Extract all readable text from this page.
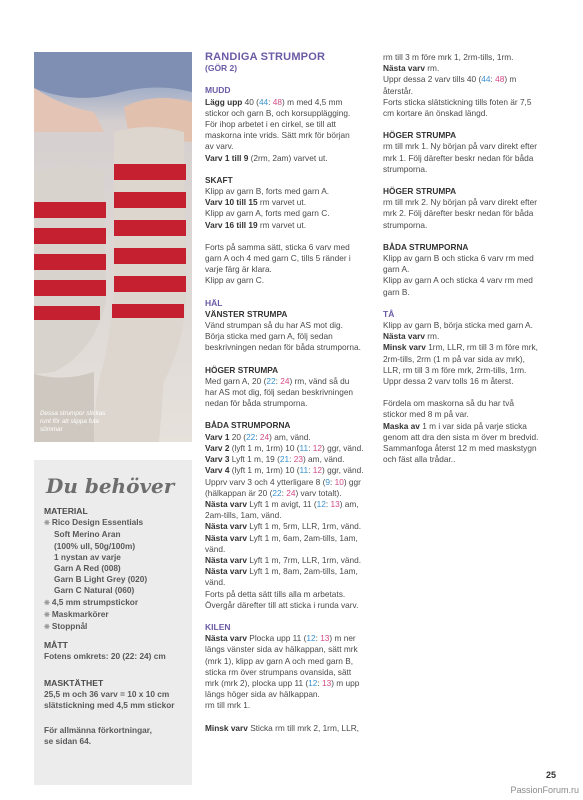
Dessa strumpor stickas runt för att slippa fula sömmar
Du behöver
MATERIAL

❋ Rico Design Essentials

Soft Merino Aran

(100% ull, 50g/100m)

1 nystan av varje

Garn A Red (008)

Garn B Light Grey (020)

Garn C Natural (060)

❋ 4,5 mm strumpstickor

❋ Maskmarkörer

❋ Stoppnål

MÅTT

Fotens omkrets: 20 (22: 24) cm

MASKTÄTHET

25,5 m och 36 varv = 10 x 10 cm

slätstickning med 4,5 mm stickor

För allmänna förkortningar,

se sidan 64.

RANDIGA STRUMPOR

(GÖR 2)

MUDD

Lägg upp 40 (44: 48) m med 4,5 mm

stickor och garn B, och korsupplägging.

För ihop arbetet i en cirkel, se till att

maskorna inte vrids. Sätt mrk för början

av varv.

Varv 1 till 9 (2rm, 2am) varvet ut.

SKAFT

Klipp av garn B, forts med garn A.

Varv 10 till 15 rm varvet ut.

Klipp av garn A, forts med garn C.

Varv 16 till 19 rm varvet ut.

Forts på samma sätt, sticka 6 varv med

garn A och 4 med garn C, tills 5 ränder i

varje färg är klara.

Klipp av garn C.

HÄL

VÄNSTER STRUMPA

Vänd strumpan så du har AS mot dig.

Börja sticka med garn A, följ sedan

beskrivningen nedan för båda strumporna.

HÖGER STRUMPA

Med garn A, 20 (22: 24) rm, vänd så du

har AS mot dig, följ sedan beskrivningen

nedan för båda strumporna.

BÅDA STRUMPORNA

Varv 1 20 (22: 24) am, vänd.

Varv 2 (lyft 1 m, 1rm) 10 (11: 12) ggr, vänd.

Varv 3 Lyft 1 m, 19 (21: 23) am, vänd.

Varv 4 (lyft 1 m, 1rm) 10 (11: 12) ggr, vänd.

Upprv varv 3 och 4 ytterligare 8 (9: 10) ggr

(hälkappan är 20 (22: 24) varv totalt).

Nästa varv Lyft 1 m avigt, 11 (12: 13) am,

2am-tills, 1am, vänd.

Nästa varv Lyft 1 m, 5rm, LLR, 1rm, vänd.

Nästa varv Lyft 1 m, 6am, 2am-tills, 1am,

vänd.

Nästa varv Lyft 1 m, 7rm, LLR, 1rm, vänd.

Nästa varv Lyft 1 m, 8am, 2am-tills, 1am,

vänd.

Forts på detta sätt tills alla m arbetats.

Övergår därefter till att sticka i runda varv.

KILEN

Nästa varv Plocka upp 11 (12: 13) m ner

längs vänster sida av hälkappan, sätt mrk

(mrk 1), klipp av garn A och med garn B,

sticka rm över strumpans ovansida, sätt

mrk (mrk 2), plocka upp 11 (12: 13) m upp

längs höger sida av hälkappan.

rm till mrk 1.

Minsk varv Sticka rm till mrk 2, 1rm, LLR,

rm till 3 m före mrk 1, 2rm-tills, 1rm.

Nästa varv rm.

Uppr dessa 2 varv tills 40 (44: 48) m

återstår.

Forts sticka slätstickning tills foten är 7,5

cm kortare än önskad längd.

HÖGER STRUMPA

rm till mrk 1. Ny början på varv direkt efter

mrk 1. Följ därefter beskr nedan för båda

strumporna.

HÖGER STRUMPA

rm till mrk 2. Ny början på varv direkt efter

mrk 2. Följ därefter beskr nedan för båda

strumporna.

BÅDA STRUMPORNA

Klipp av garn B och sticka 6 varv rm med

garn A.

Klipp av garn A och sticka 4 varv rm med

garn B.

TÅ

Klipp av garn B, börja sticka med garn A.

Nästa varv rm.

Minsk varv 1rm, LLR, rm till 3 m före mrk,

2rm-tills, 2rm (1 m på var sida av mrk),

LLR, rm till 3 m före mrk, 2rm-tills, 1rm.

Uppr dessa 2 varv tolls 16 m återst.

Fördela om maskorna så du har två

stickor med 8 m på var.

Maska av 1 m i var sida på varje sticka

genom att dra den sista m över m bredvid.

Sammanfoga återst 12 m med maskstygn

och fäst alla trådar..

25
PassionForum.ru
